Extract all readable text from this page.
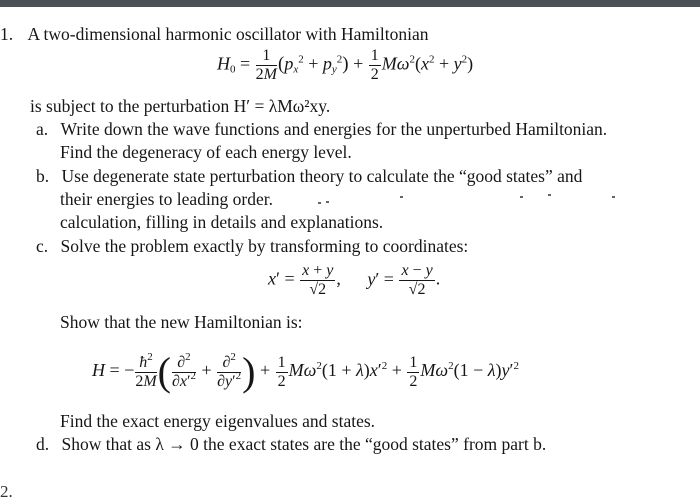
1. A two-dimensional harmonic oscillator with Hamiltonian
$H_0 = \frac{1}{2M} (p_x^2 + p_y^2) + \frac{1}{2} M\omega^2(x^2 + y^2)$
is subject to the perturbation H′ = λMω²xy.
a. Write down the wave functions and energies for the unperturbed Hamiltonian.
Find the degeneracy of each energy level.
b. Use degenerate state perturbation theory to calculate the “good states” and
their energies to leading order.
calculation, filling in details and explanations.
c. Solve the problem exactly by transforming to coordinates:
$x' = \frac{x + y}{√2}$ , $y' = \frac{x - y}{√2}$ .
Show that the new Hamiltonian is:
H = − $\frac{ħ^2}{2M}$ ( $\frac{\partial^2}{\partial x'^2} + \frac{\partial^2}{\partial y'^2}$ ) + $\frac{1}{2} M\omega^2(1 + \lambda)x'^2 + \frac{1}{2} M\omega^2(1 - \lambda)y'^2$
Find the exact energy eigenvalues and states.
d. Show that as λ → 0 the exact states are the “good states” from part b.
2.
